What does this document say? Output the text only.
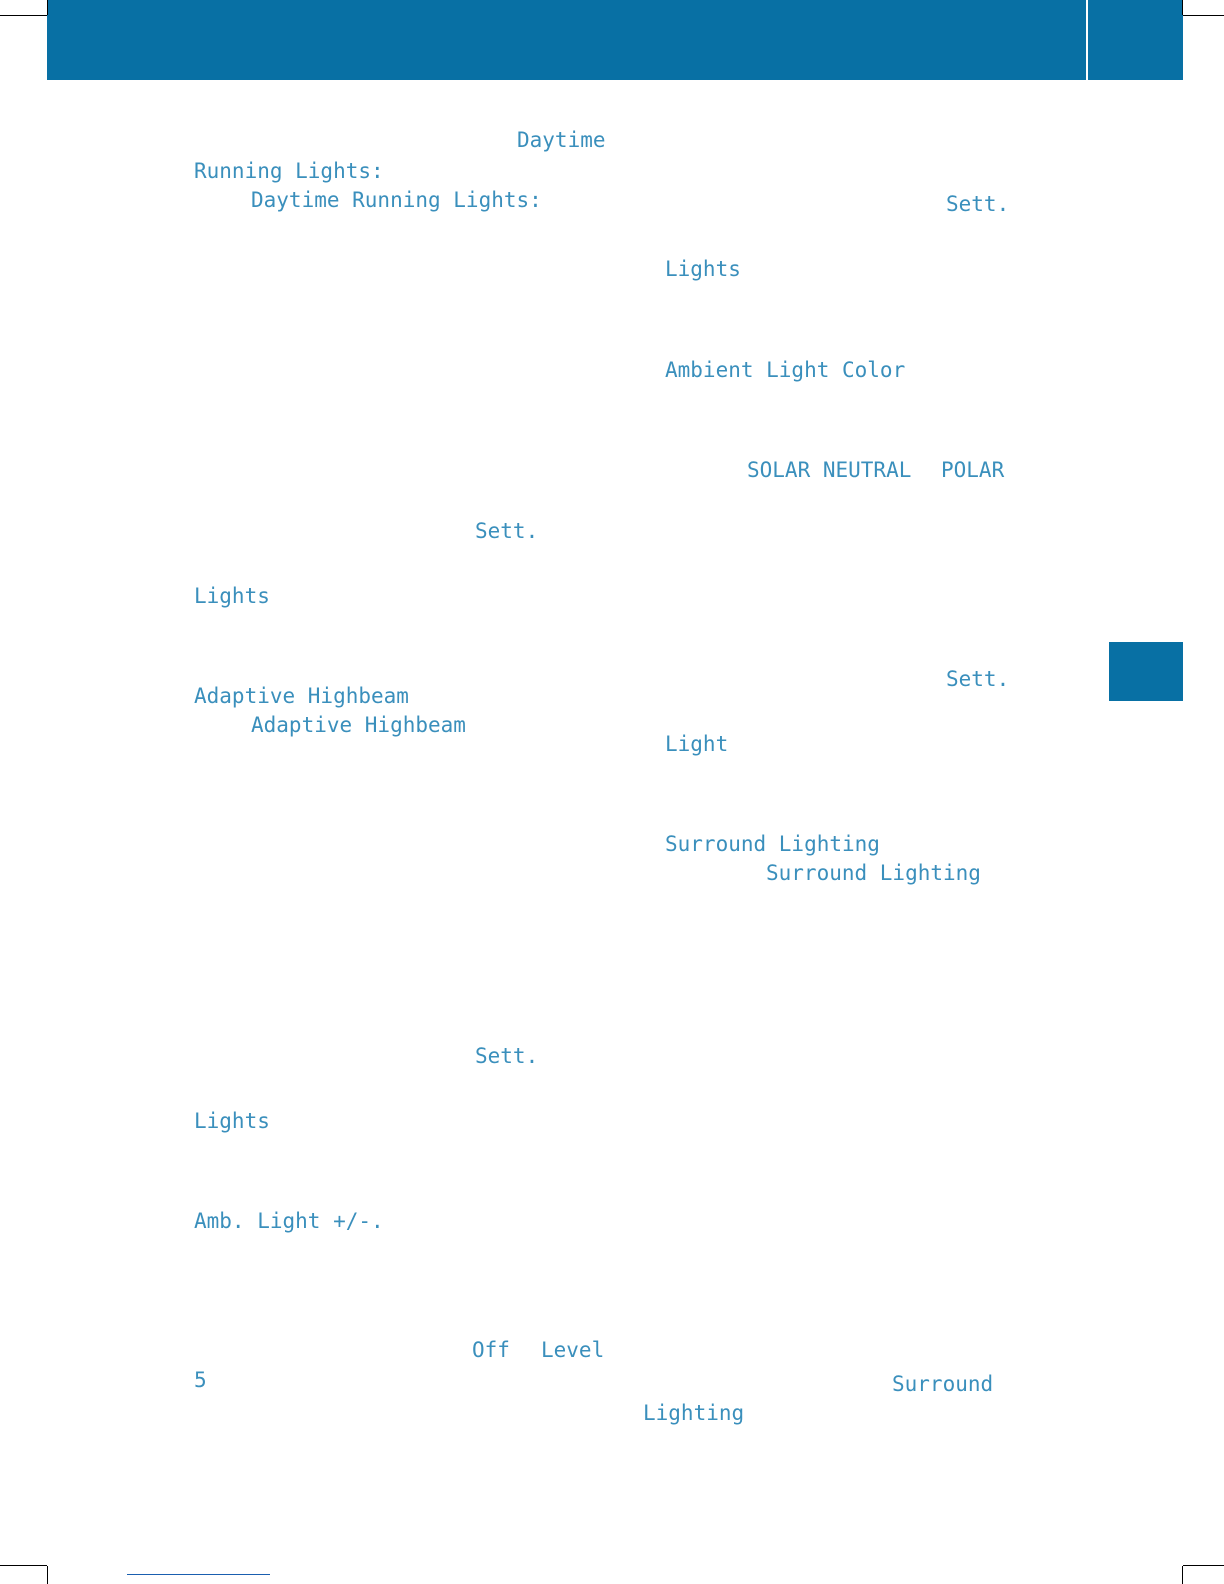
Daytime
Running Lights:
Daytime Running Lights:
Sett.
Lights
Adaptive Highbeam
Adaptive Highbeam
Sett.
Lights
Amb. Light +/-.
Off Level
5
Sett.
Lights
Ambient Light Color
SOLAR NEUTRAL POLAR
Sett.
Light
Surround Lighting
Surround Lighting
Surround
Lighting
